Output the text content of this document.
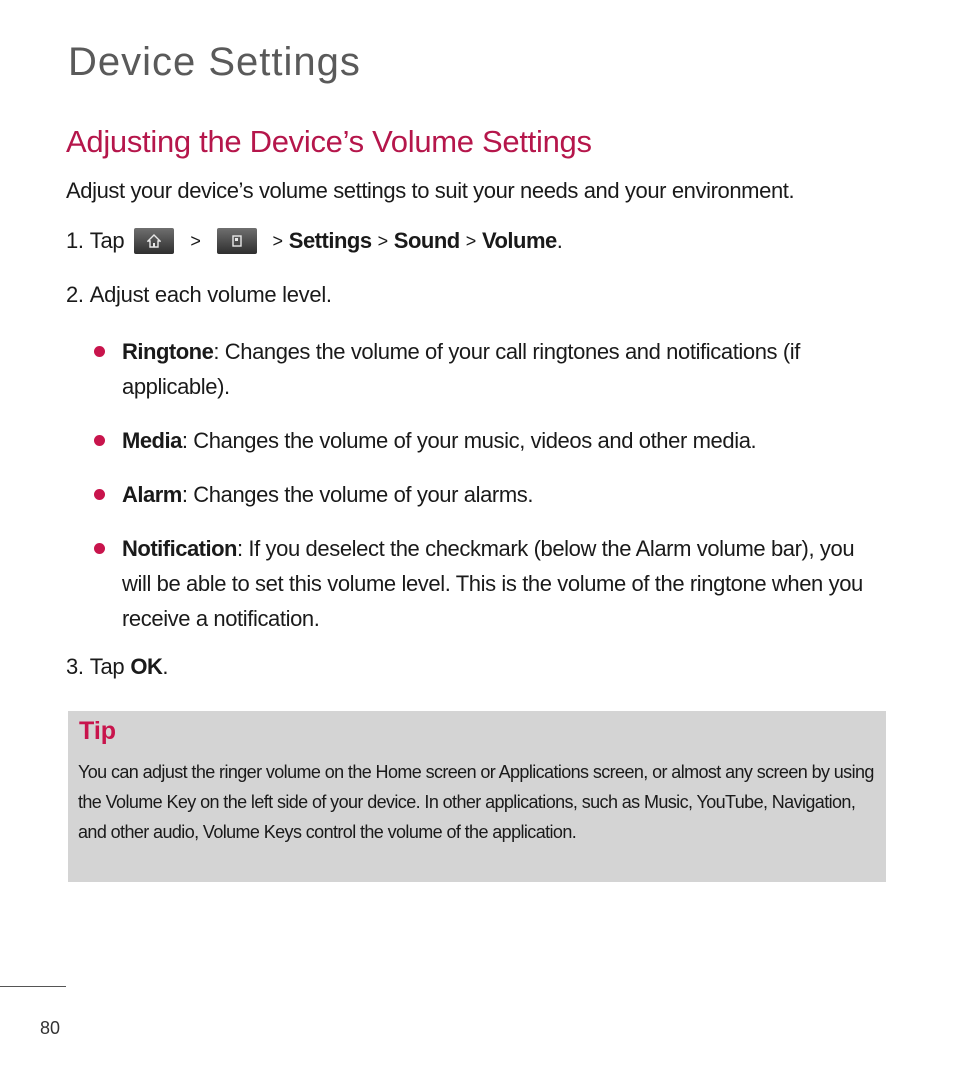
Device Settings
Adjusting the Device’s Volume Settings

Adjust your device’s volume settings to suit your needs and your environment.

1. Tap	>	> Settings > Sound > Volume .
2. Adjust each volume level.
Ringtone: Changes the volume of your call ringtones and notifications (if applicable).
Media: Changes the volume of your music, videos and other media.
Alarm: Changes the volume of your alarms.
Notification: If you deselect the checkmark (below the Alarm volume bar), you will be able to set this volume level. This is the volume of the ringtone when you receive a notification.
3. Tap OK .

Tip

You can adjust the ringer volume on the Home screen or Applications screen, or almost any screen by using the Volume Key on the left side of your device. In other applications, such as Music, YouTube, Navigation, and other audio, Volume Keys control the volume of the application.

80
